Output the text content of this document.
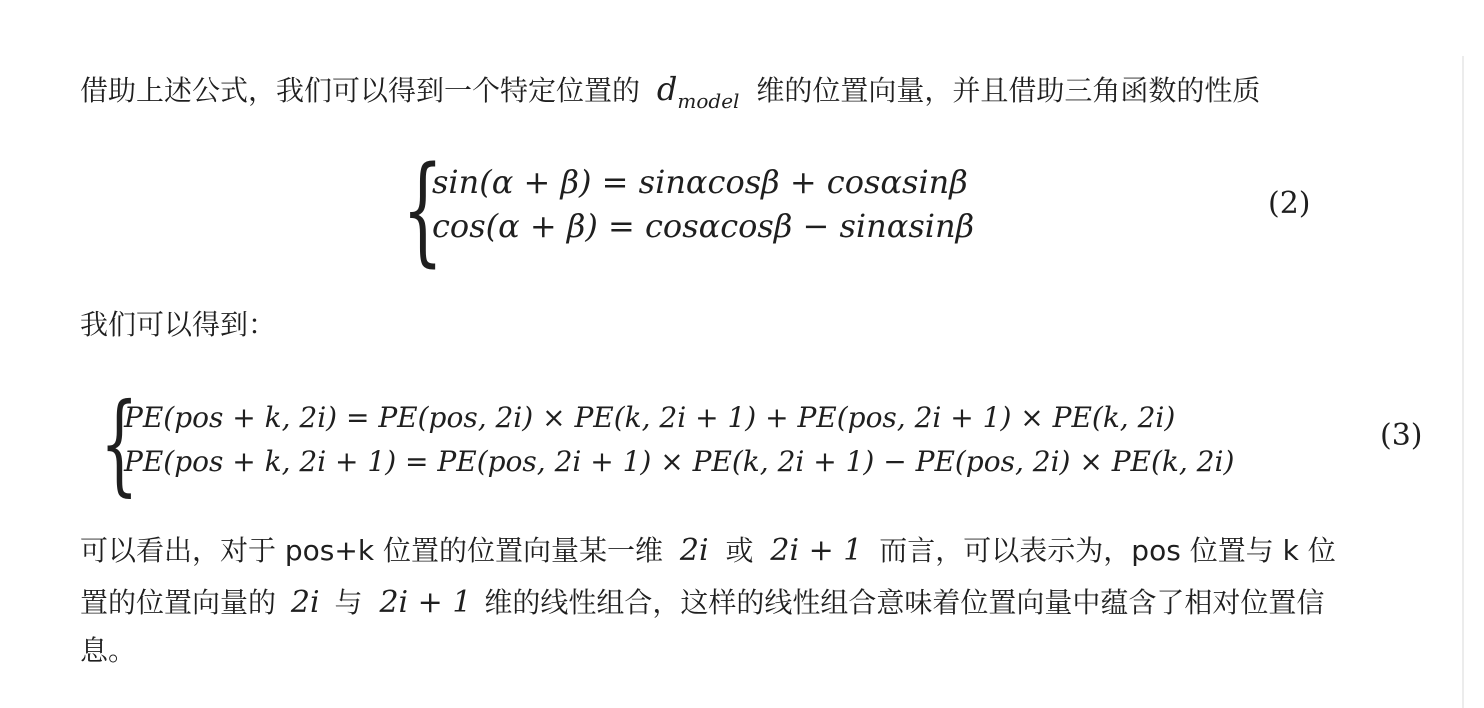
借助上述公式，我们可以得到一个特定位置的 $d_{model}$ 维的位置向量，并且借助三角函数的性质

{
sin(α + β) = sinαcosβ + cosαsinβ
cos(α + β) = cosαcosβ − sinαsinβ
(2)

我们可以得到：

{
PE(pos + k, 2i) = PE(pos, 2i) × PE(k, 2i + 1) + PE(pos, 2i + 1) × PE(k, 2i)
PE(pos + k, 2i + 1) = PE(pos, 2i + 1) × PE(k, 2i + 1) − PE(pos, 2i) × PE(k, 2i)
(3)

可以看出，对于 pos+k 位置的位置向量某一维 2i 或 2i + 1 而言，可以表示为，pos 位置与 k 位

置的位置向量的 2i 与 2i + 1 维的线性组合，这样的线性组合意味着位置向量中蕴含了相对位置信

息。
